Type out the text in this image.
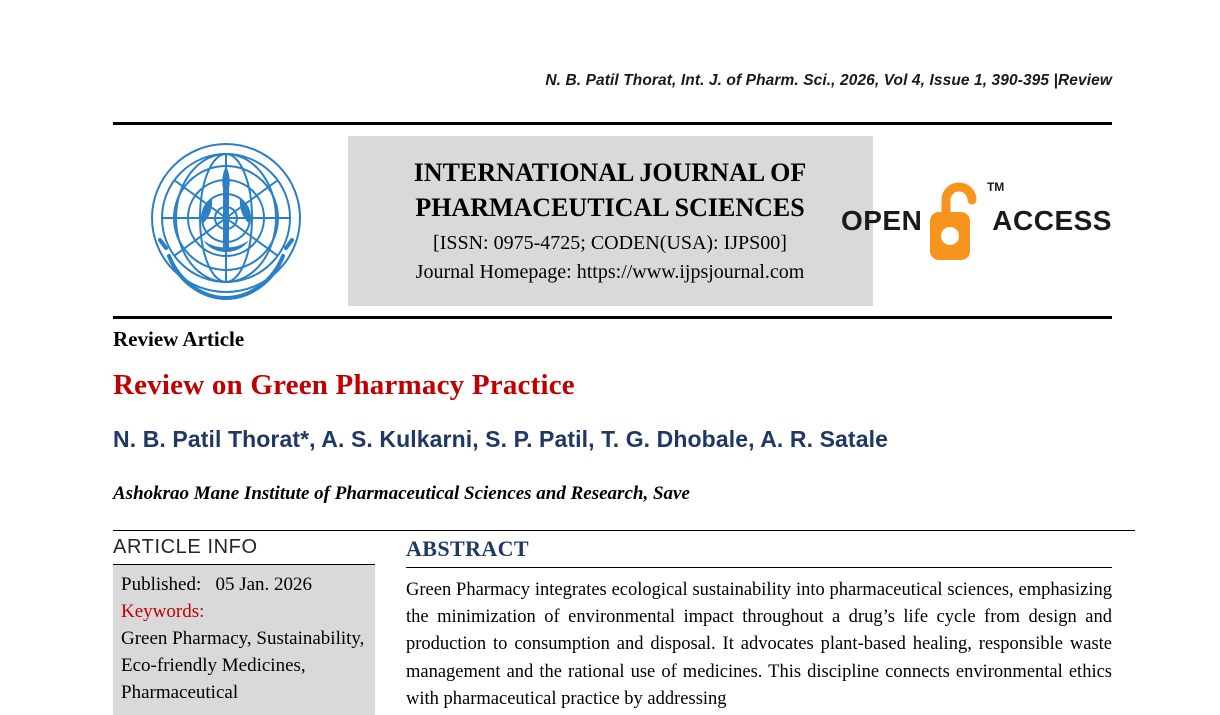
N. B. Patil Thorat, Int. J. of Pharm. Sci., 2026, Vol 4, Issue 1, 390-395 |Review
INTERNATIONAL JOURNAL OF
PHARMACEUTICAL SCIENCES
[ISSN: 0975-4725; CODEN(USA): IJPS00]
Journal Homepage: https://www.ijpsjournal.com
OPEN
TM
ACCESS
Review Article
Review on Green Pharmacy Practice
N. B. Patil Thorat*, A. S. Kulkarni, S. P. Patil, T. G. Dhobale, A. R. Satale
Ashokrao Mane Institute of Pharmaceutical Sciences and Research, Save
ARTICLE INFO
Published:   05 Jan. 2026
Keywords:
Green Pharmacy, Sustainability, Eco-friendly Medicines, Pharmaceutical
ABSTRACT
Green Pharmacy integrates ecological sustainability into pharmaceutical sciences, emphasizing the minimization of environmental impact throughout a drug’s life cycle from design and production to consumption and disposal. It advocates plant-based healing, responsible waste management and the rational use of medicines. This discipline connects environmental ethics with pharmaceutical practice by addressing
